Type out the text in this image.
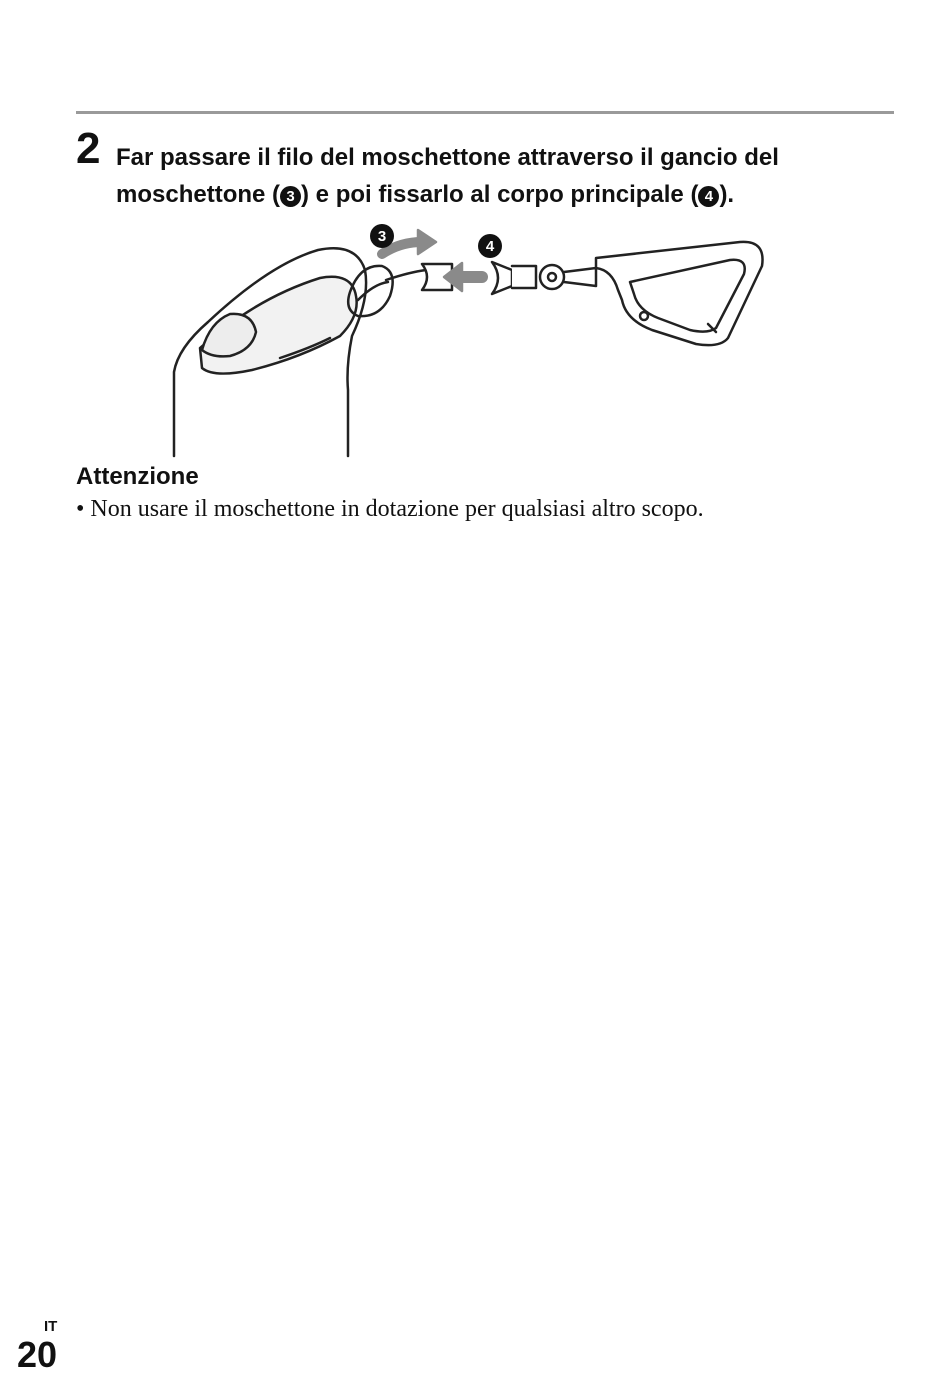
2 Far passare il filo del moschettone attraverso il gancio del moschettone ( 3 ) e poi fissarlo al corpo principale ( 4 ).
3
4
Attenzione
• Non usare il moschettone in dotazione per qualsiasi altro scopo.
IT
20
